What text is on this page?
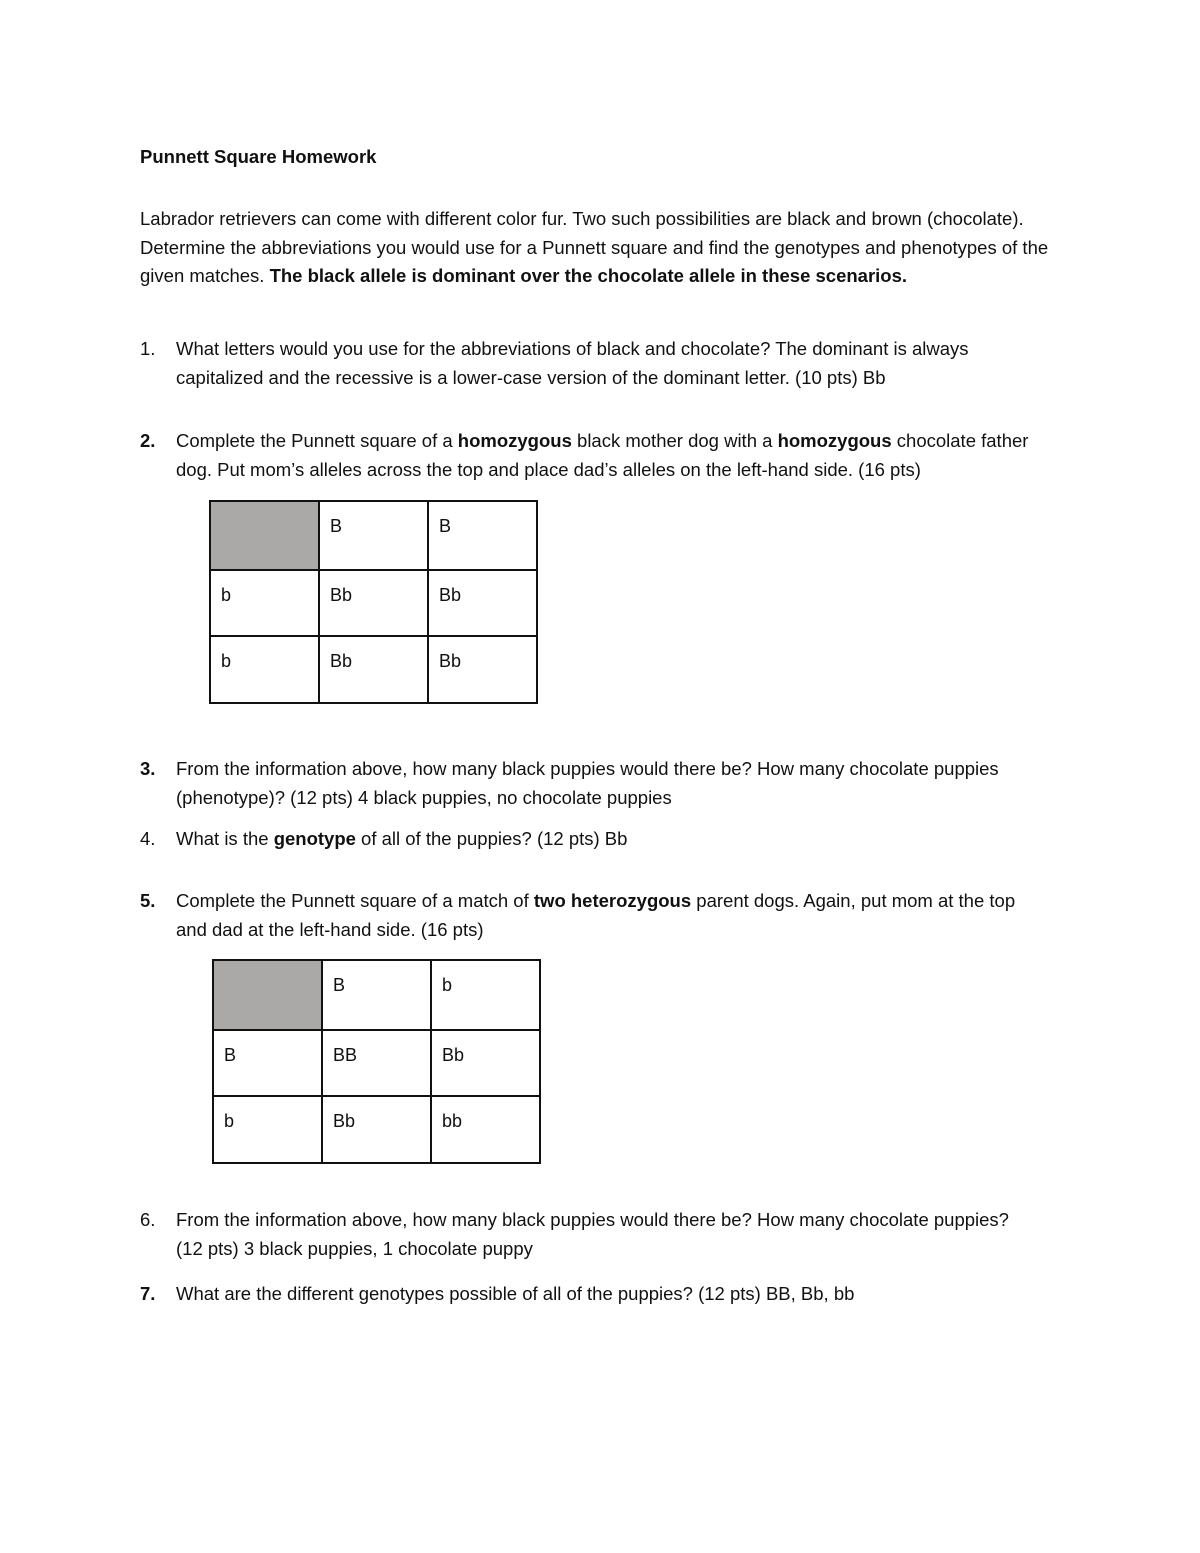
Punnett Square Homework
Labrador retrievers can come with different color fur. Two such possibilities are black and brown (chocolate). Determine the abbreviations you would use for a Punnett square and find the genotypes and phenotypes of the given matches. The black allele is dominant over the chocolate allele in these scenarios.
1.	What letters would you use for the abbreviations of black and chocolate? The dominant is always capitalized and the recessive is a lower-case version of the dominant letter. (10 pts) Bb
2.	Complete the Punnett square of a homozygous black mother dog with a homozygous chocolate father dog. Put mom’s alleles across the top and place dad’s alleles on the left-hand side. (16 pts)
	B	B
b	Bb	Bb
b	Bb	Bb
3.	From the information above, how many black puppies would there be? How many chocolate puppies (phenotype)? (12 pts) 4 black puppies, no chocolate puppies
4.	What is the genotype of all of the puppies? (12 pts) Bb
5.	Complete the Punnett square of a match of two heterozygous parent dogs. Again, put mom at the top and dad at the left-hand side. (16 pts)
	B	b
B	BB	Bb
b	Bb	bb
6.	From the information above, how many black puppies would there be? How many chocolate puppies? (12 pts) 3 black puppies, 1 chocolate puppy
7.	What are the different genotypes possible of all of the puppies? (12 pts) BB, Bb, bb
